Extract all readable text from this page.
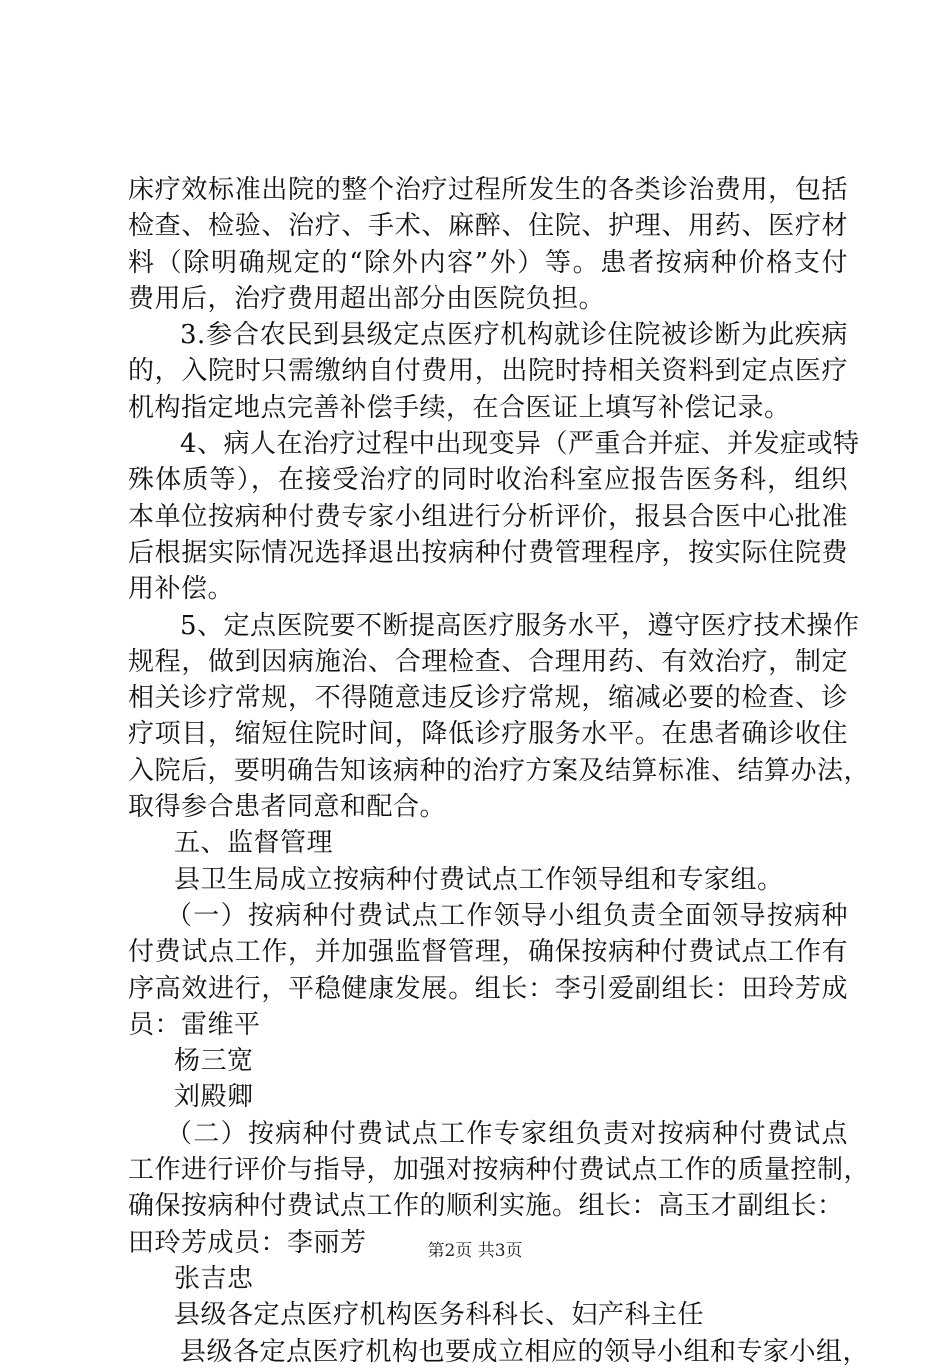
床疗效标准出院的整个治疗过程所发生的各类诊治费用，包括
检查、检验、治疗、手术、麻醉、住院、护理、用药、医疗材
料（除明确规定的“除外内容”外）等。患者按病种价格支付
费用后，治疗费用超出部分由医院负担。
3.参合农民到县级定点医疗机构就诊住院被诊断为此疾病
的，入院时只需缴纳自付费用，出院时持相关资料到定点医疗
机构指定地点完善补偿手续，在合医证上填写补偿记录。
4、病人在治疗过程中出现变异（严重合并症、并发症或特
殊体质等），在接受治疗的同时收治科室应报告医务科，组织
本单位按病种付费专家小组进行分析评价，报县合医中心批准
后根据实际情况选择退出按病种付费管理程序，按实际住院费
用补偿。
5、定点医院要不断提高医疗服务水平，遵守医疗技术操作
规程，做到因病施治、合理检查、合理用药、有效治疗，制定
相关诊疗常规，不得随意违反诊疗常规，缩减必要的检查、诊
疗项目，缩短住院时间，降低诊疗服务水平。在患者确诊收住
入院后，要明确告知该病种的治疗方案及结算标准、结算办法，
取得参合患者同意和配合。
五、监督管理
县卫生局成立按病种付费试点工作领导组和专家组。
（一）按病种付费试点工作领导小组负责全面领导按病种
付费试点工作，并加强监督管理，确保按病种付费试点工作有
序高效进行，平稳健康发展。组长：李引爱副组长：田玲芳成
员：雷维平
杨三宽
刘殿卿
（二）按病种付费试点工作专家组负责对按病种付费试点
工作进行评价与指导，加强对按病种付费试点工作的质量控制，
确保按病种付费试点工作的顺利实施。组长：高玉才副组长：
田玲芳成员：李丽芳
张吉忠
县级各定点医疗机构医务科科长、妇产科主任
县级各定点医疗机构也要成立相应的领导小组和专家小组，
第2页 共3页
